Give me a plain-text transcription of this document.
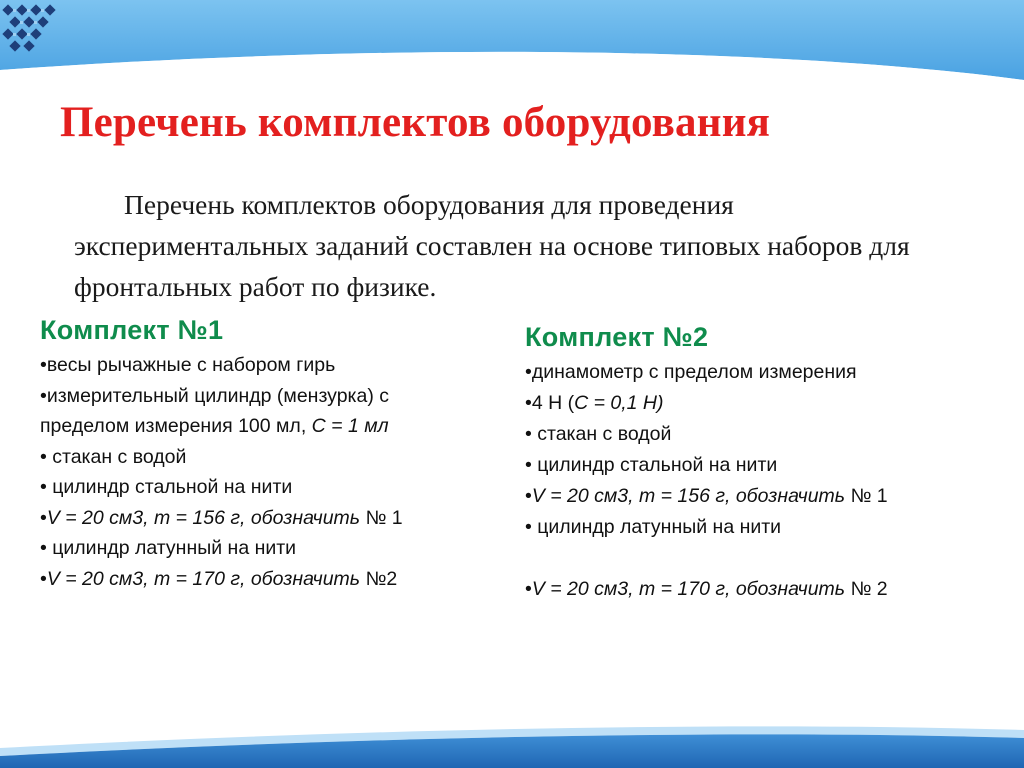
Перечень комплектов оборудования

Перечень комплектов оборудования для проведения экспериментальных заданий составлен на основе типовых наборов для фронтальных работ по физике.

Комплект №1
•весы рычажные с набором гирь
•измерительный цилиндр (мензурка) с
пределом измерения 100 мл, С = 1 мл
• стакан с водой
• цилиндр стальной на нити
•V = 20 см3, m = 156 г, обозначить № 1
• цилиндр латунный на нити
•V = 20 см3, m = 170 г, обозначить №2
Комплект №2
•динамометр с пределом измерения
•4 Н (С = 0,1 Н)
• стакан с водой
• цилиндр стальной на нити
•V = 20 см3, m = 156 г, обозначить № 1
• цилиндр латунный на нити
•V = 20 см3, m = 170 г, обозначить № 2
